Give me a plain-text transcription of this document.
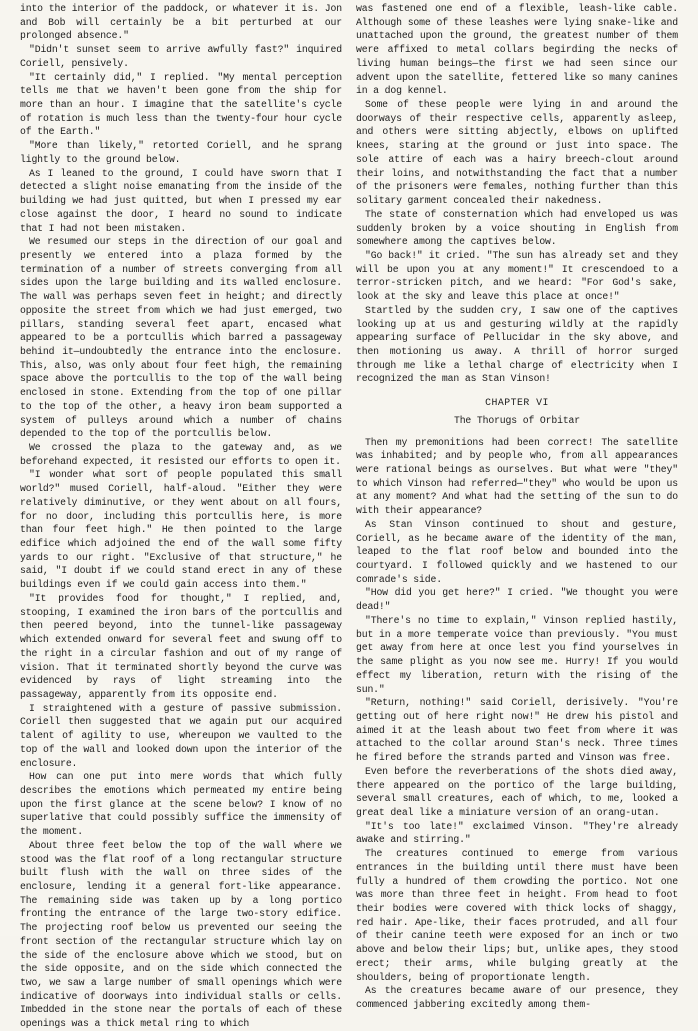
into the interior of the paddock, or whatever it is. Jon and Bob will certainly be a bit perturbed at our prolonged absence."

"Didn't sunset seem to arrive awfully fast?" inquired Coriell, pensively.

"It certainly did," I replied. "My mental perception tells me that we haven't been gone from the ship for more than an hour. I imagine that the satellite's cycle of rotation is much less than the twenty-four hour cycle of the Earth."

"More than likely," retorted Coriell, and he sprang lightly to the ground below.

As I leaned to the ground, I could have sworn that I detected a slight noise emanating from the inside of the building we had just quitted, but when I pressed my ear close against the door, I heard no sound to indicate that I had not been mistaken.

We resumed our steps in the direction of our goal and presently we entered into a plaza formed by the termination of a number of streets converging from all sides upon the large building and its walled enclosure. The wall was perhaps seven feet in height; and directly opposite the street from which we had just emerged, two pillars, standing several feet apart, encased what appeared to be a portcullis which barred a passageway behind it—undoubtedly the entrance into the enclosure. This, also, was only about four feet high, the remaining space above the portcullis to the top of the wall being enclosed in stone. Extending from the top of one pillar to the top of the other, a heavy iron beam supported a system of pulleys around which a number of chains depended to the top of the portcullis below.

We crossed the plaza to the gateway and, as we beforehand expected, it resisted our efforts to open it.

"I wonder what sort of people populated this small world?" mused Coriell, half-aloud. "Either they were relatively diminutive, or they went about on all fours, for no door, including this portcullis here, is more than four feet high." He then pointed to the large edifice which adjoined the end of the wall some fifty yards to our right. "Exclusive of that structure," he said, "I doubt if we could stand erect in any of these buildings even if we could gain access into them."

"It provides food for thought," I replied, and, stooping, I examined the iron bars of the portcullis and then peered beyond, into the tunnel-like passageway which extended onward for several feet and swung off to the right in a circular fashion and out of my range of vision. That it terminated shortly beyond the curve was evidenced by rays of light streaming into the passageway, apparently from its opposite end.

I straightened with a gesture of passive submission. Coriell then suggested that we again put our acquired talent of agility to use, whereupon we vaulted to the top of the wall and looked down upon the interior of the enclosure.

How can one put into mere words that which fully describes the emotions which permeated my entire being upon the first glance at the scene below? I know of no superlative that could possibly suffice the immensity of the moment.

About three feet below the top of the wall where we stood was the flat roof of a long rectangular structure built flush with the wall on three sides of the enclosure, lending it a general fort-like appearance. The remaining side was taken up by a long portico fronting the entrance of the large two-story edifice. The projecting roof below us prevented our seeing the front section of the rectangular structure which lay on the side of the enclosure above which we stood, but on the side opposite, and on the side which connected the two, we saw a large number of small openings which were indicative of doorways into individual stalls or cells. Imbedded in the stone near the portals of each of these openings was a thick metal ring to which

was fastened one end of a flexible, leash-like cable. Although some of these leashes were lying snake-like and unattached upon the ground, the greatest number of them were affixed to metal collars begirding the necks of living human beings—the first we had seen since our advent upon the satellite, fettered like so many canines in a dog kennel.

Some of these people were lying in and around the doorways of their respective cells, apparently asleep, and others were sitting abjectly, elbows on uplifted knees, staring at the ground or just into space. The sole attire of each was a hairy breech-clout around their loins, and notwithstanding the fact that a number of the prisoners were females, nothing further than this solitary garment concealed their nakedness.

The state of consternation which had enveloped us was suddenly broken by a voice shouting in English from somewhere among the captives below.

"Go back!" it cried. "The sun has already set and they will be upon you at any moment!" It crescendoed to a terror-stricken pitch, and we heard: "For God's sake, look at the sky and leave this place at once!"

Startled by the sudden cry, I saw one of the captives looking up at us and gesturing wildly at the rapidly appearing surface of Pellucidar in the sky above, and then motioning us away. A thrill of horror surged through me like a lethal charge of electricity when I recognized the man as Stan Vinson!

CHAPTER VI
The Thorugs of Orbitar

Then my premonitions had been correct! The satellite was inhabited; and by people who, from all appearances were rational beings as ourselves. But what were "they" to which Vinson had referred—"they" who would be upon us at any moment? And what had the setting of the sun to do with their appearance?

As Stan Vinson continued to shout and gesture, Coriell, as he became aware of the identity of the man, leaped to the flat roof below and bounded into the courtyard. I followed quickly and we hastened to our comrade's side.

"How did you get here?" I cried. "We thought you were dead!"

"There's no time to explain," Vinson replied hastily, but in a more temperate voice than previously. "You must get away from here at once lest you find yourselves in the same plight as you now see me. Hurry! If you would effect my liberation, return with the rising of the sun."

"Return, nothing!" said Coriell, derisively. "You're getting out of here right now!" He drew his pistol and aimed it at the leash about two feet from where it was attached to the collar around Stan's neck. Three times he fired before the strands parted and Vinson was free.

Even before the reverberations of the shots died away, there appeared on the portico of the large building, several small creatures, each of which, to me, looked a great deal like a miniature version of an orang-utan.

"It's too late!" exclaimed Vinson. "They're already awake and stirring."

The creatures continued to emerge from various entrances in the building until there must have been fully a hundred of them crowding the portico. Not one was more than three feet in height. From head to foot their bodies were covered with thick locks of shaggy, red hair. Ape-like, their faces protruded, and all four of their canine teeth were exposed for an inch or two above and below their lips; but, unlike apes, they stood erect; their arms, while bulging greatly at the shoulders, being of proportionate length.

As the creatures became aware of our presence, they commenced jabbering excitedly among them-
